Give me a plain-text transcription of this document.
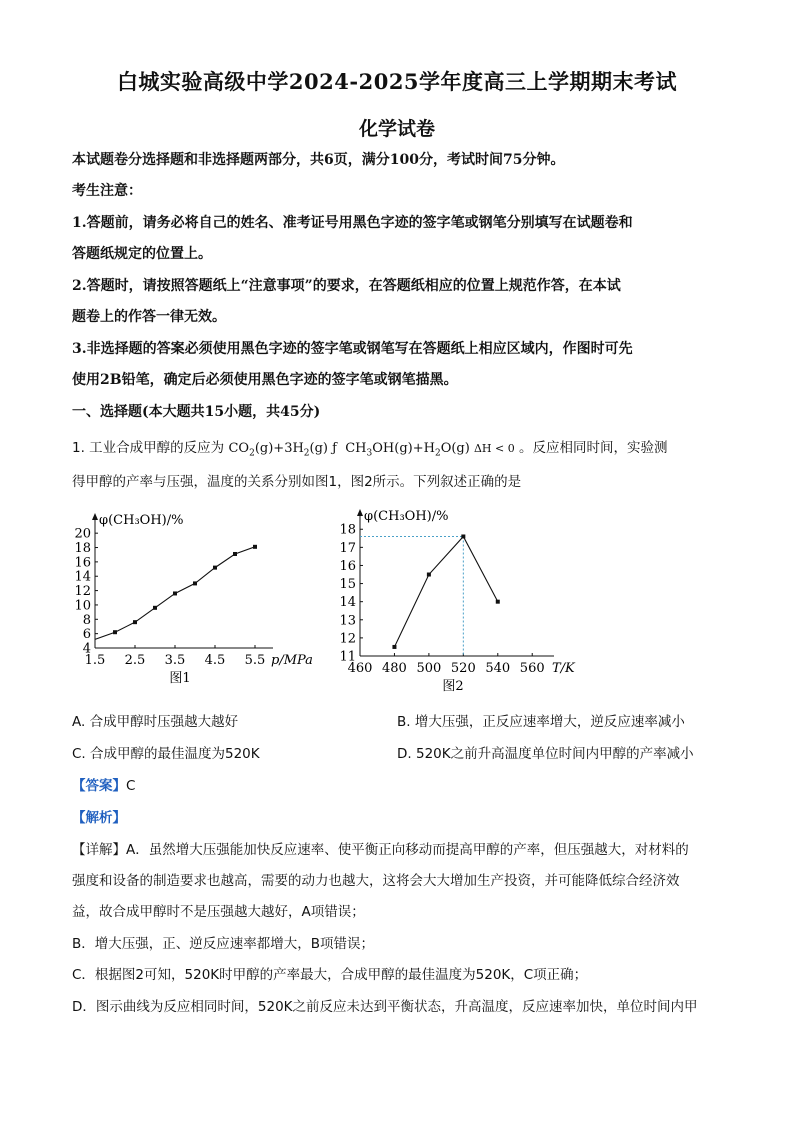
白城实验高级中学2024-2025学年度高三上学期期末考试
化学试卷
本试题卷分选择题和非选择题两部分，共6页，满分100分，考试时间75分钟。
考生注意：
1.答题前，请务必将自己的姓名、准考证号用黑色字迹的签字笔或钢笔分别填写在试题卷和
答题纸规定的位置上。
2.答题时，请按照答题纸上“注意事项”的要求，在答题纸相应的位置上规范作答，在本试
题卷上的作答一律无效。
3.非选择题的答案必须使用黑色字迹的签字笔或钢笔写在答题纸上相应区域内，作图时可先
使用2B铅笔，确定后必须使用黑色字迹的签字笔或钢笔描黑。
一、选择题(本大题共15小题，共45分)
1. 工业合成甲醇的反应为 $CO_2(g)+3H_2(g)$ ƒ $CH_3OH(g)+H_2O(g) \Delta H < 0$ 。反应相同时间，实验测
得甲醇的产率与压强，温度的关系分别如图1，图2所示。下列叙述正确的是
φ(CH₃OH)/%
4
6
8
10
12
14
16
18
20
1.5 2.5 3.5 4.5 5.5 p/MPa
图1
φ(CH₃OH)/%
11
12
13
14
15
16
17
18
460 480 500 520 540 560 T/K
图2
A. 合成甲醇时压强越大越好	B. 增大压强，正反应速率增大，逆反应速率减小
C. 合成甲醇的最佳温度为520K	D. 520K之前升高温度单位时间内甲醇的产率减小
【答案】C
【解析】
【详解】A．虽然增大压强能加快反应速率、使平衡正向移动而提高甲醇的产率，但压强越大，对材料的
强度和设备的制造要求也越高，需要的动力也越大，这将会大大增加生产投资，并可能降低综合经济效
益，故合成甲醇时不是压强越大越好，A项错误；
B．增大压强，正、逆反应速率都增大，B项错误；
C．根据图2可知，520K时甲醇的产率最大，合成甲醇的最佳温度为520K，C项正确；
D．图示曲线为反应相同时间，520K之前反应未达到平衡状态，升高温度，反应速率加快，单位时间内甲
